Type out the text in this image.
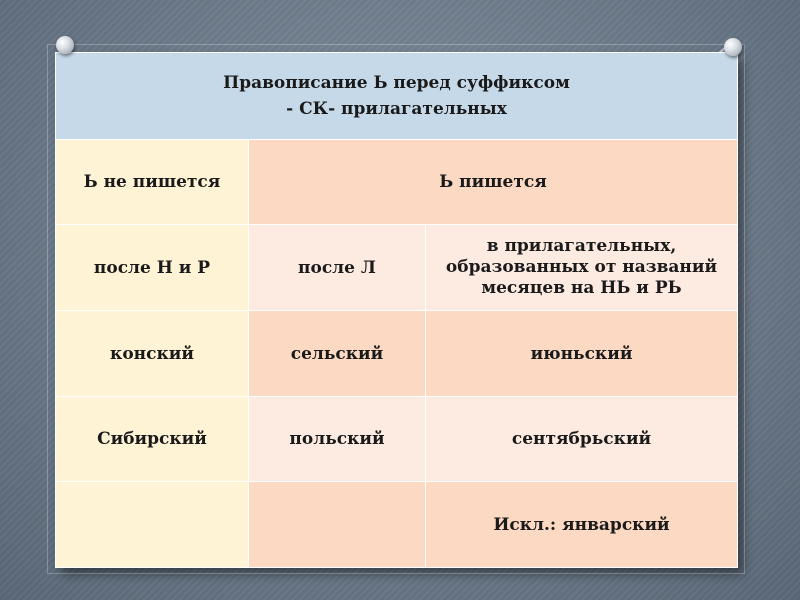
Правописание Ь перед суффиксом
- СК- прилагательных		

Ь не пишется	Ь пишется	
после Н и Р	после Л	в прилагательных, образованных от названий месяцев на НЬ и РЬ
конский	сельский	июньский
Сибирский	польский	сентябрьский
		Искл.: январский
